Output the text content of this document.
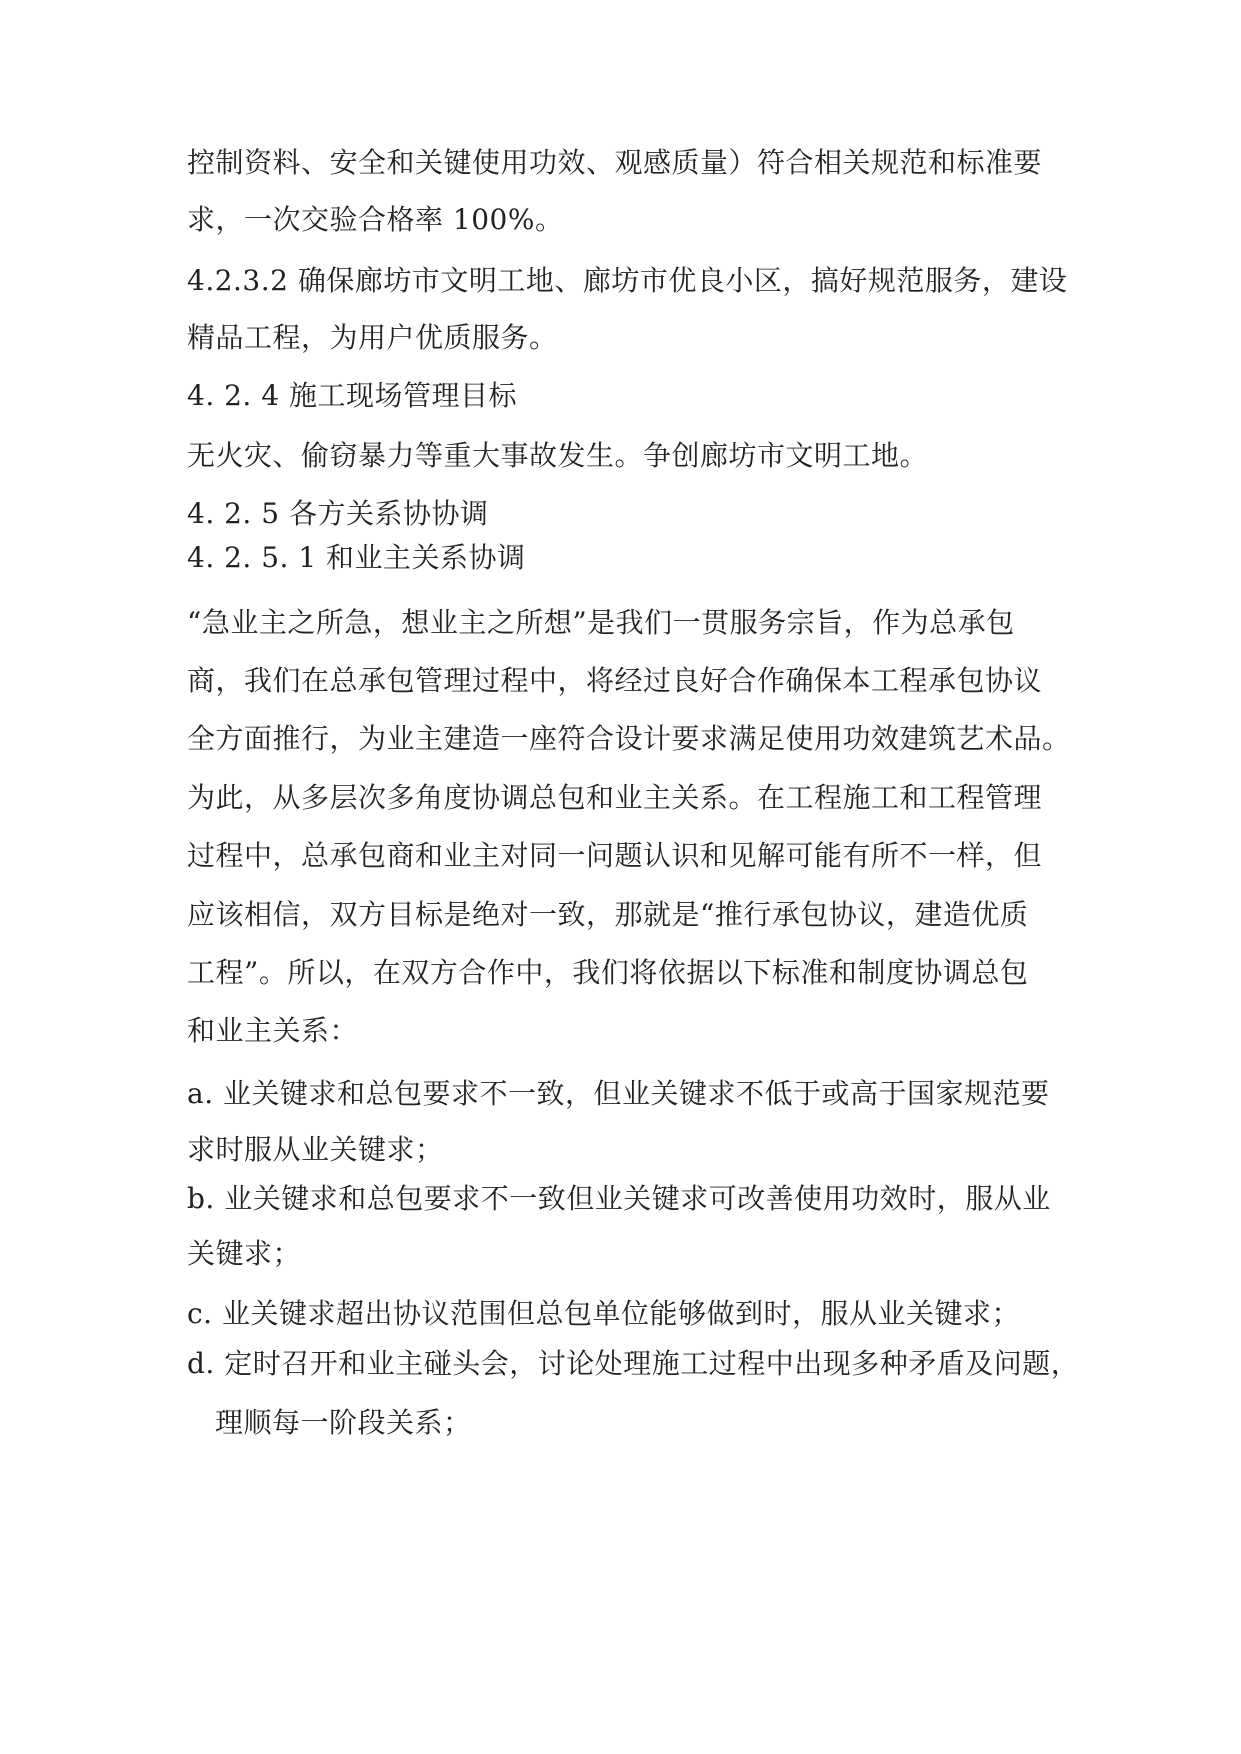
控制资料、安全和关键使用功效、观感质量）符合相关规范和标准要
求，一次交验合格率 100%。
4.2.3.2 确保廊坊市文明工地、廊坊市优良小区，搞好规范服务，建设
精品工程，为用户优质服务。
4. 2. 4 施工现场管理目标
无火灾、偷窃暴力等重大事故发生。争创廊坊市文明工地。
4. 2. 5 各方关系协协调
4. 2. 5. 1 和业主关系协调
“急业主之所急，想业主之所想”是我们一贯服务宗旨，作为总承包
商，我们在总承包管理过程中，将经过良好合作确保本工程承包协议
全方面推行，为业主建造一座符合设计要求满足使用功效建筑艺术品。
为此，从多层次多角度协调总包和业主关系。在工程施工和工程管理
过程中，总承包商和业主对同一问题认识和见解可能有所不一样，但
应该相信，双方目标是绝对一致，那就是“推行承包协议，建造优质
工程”。所以，在双方合作中，我们将依据以下标准和制度协调总包
和业主关系：
a. 业关键求和总包要求不一致，但业关键求不低于或高于国家规范要
求时服从业关键求；
b. 业关键求和总包要求不一致但业关键求可改善使用功效时，服从业
关键求；
c. 业关键求超出协议范围但总包单位能够做到时，服从业关键求；
d. 定时召开和业主碰头会，讨论处理施工过程中出现多种矛盾及问题，
理顺每一阶段关系；
